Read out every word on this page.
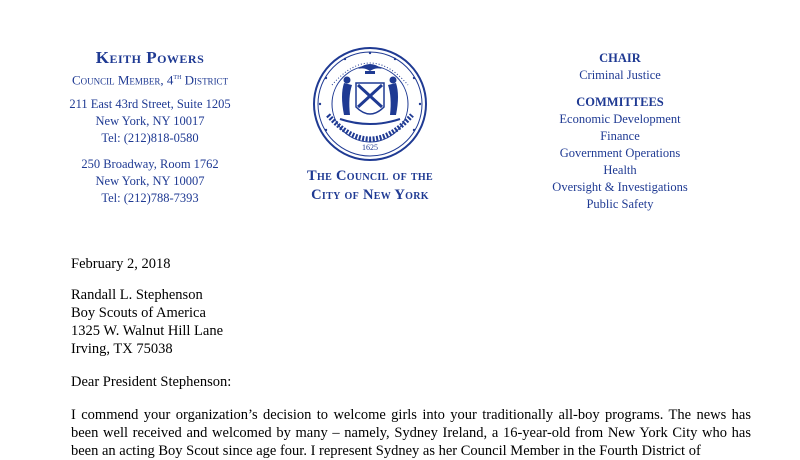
Keith Powers
Council Member, 4th District
211 East 43rd Street, Suite 1205
New York, NY 10017
Tel: (212)818-0580
250 Broadway, Room 1762
New York, NY 10007
Tel: (212)788-7393
1625
The Council of the
City of New York
CHAIR
Criminal Justice
COMMITTEES
Economic Development
Finance
Government Operations
Health
Oversight & Investigations
Public Safety
February 2, 2018
Randall L. Stephenson
Boy Scouts of America
1325 W. Walnut Hill Lane
Irving, TX 75038
Dear President Stephenson:
I commend your organization’s decision to welcome girls into your traditionally all-boy programs. The news has been well received and welcomed by many – namely, Sydney Ireland, a 16-year-old from New York City who has been an acting Boy Scout since age four. I represent Sydney as her Council Member in the Fourth District of
